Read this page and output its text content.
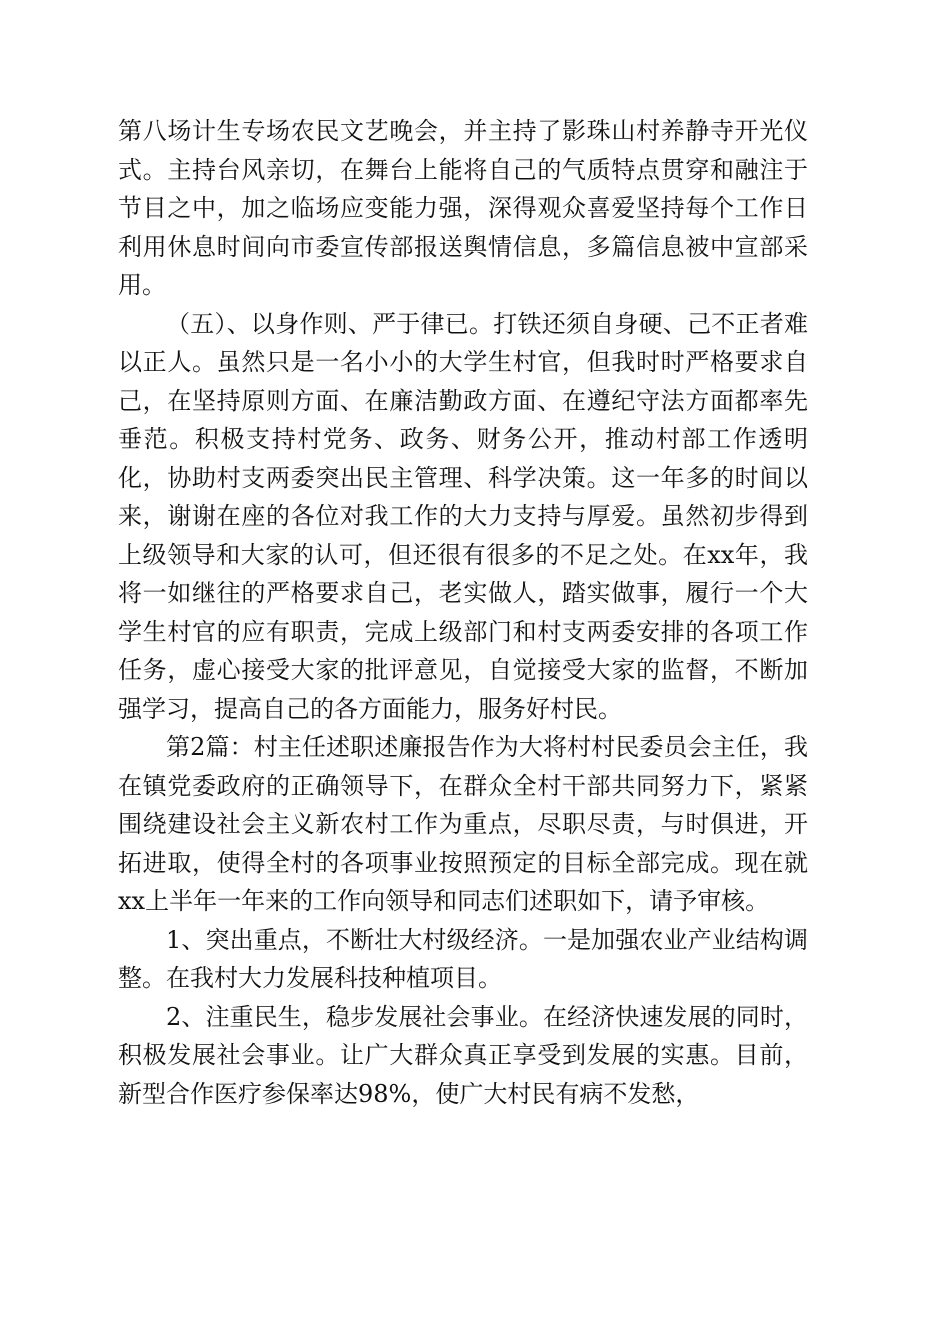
第八场计生专场农民文艺晚会，并主持了影珠山村养静寺开光仪式。主持台风亲切，在舞台上能将自己的气质特点贯穿和融注于节目之中，加之临场应变能力强，深得观众喜爱坚持每个工作日利用休息时间向市委宣传部报送舆情信息，多篇信息被中宣部采用。

（五）、以身作则、严于律已。打铁还须自身硬、己不正者难以正人。虽然只是一名小小的大学生村官，但我时时严格要求自己，在坚持原则方面、在廉洁勤政方面、在遵纪守法方面都率先垂范。积极支持村党务、政务、财务公开，推动村部工作透明化，协助村支两委突出民主管理、科学决策。这一年多的时间以来，谢谢在座的各位对我工作的大力支持与厚爱。虽然初步得到上级领导和大家的认可，但还很有很多的不足之处。在xx年，我将一如继往的严格要求自己，老实做人，踏实做事，履行一个大学生村官的应有职责，完成上级部门和村支两委安排的各项工作任务，虚心接受大家的批评意见，自觉接受大家的监督，不断加强学习，提高自己的各方面能力，服务好村民。

第2篇：村主任述职述廉报告作为大将村村民委员会主任，我在镇党委政府的正确领导下，在群众全村干部共同努力下，紧紧围绕建设社会主义新农村工作为重点，尽职尽责，与时俱进，开拓进取，使得全村的各项事业按照预定的目标全部完成。现在就xx上半年一年来的工作向领导和同志们述职如下，请予审核。

1、突出重点，不断壮大村级经济。一是加强农业产业结构调整。在我村大力发展科技种植项目。

2、注重民生，稳步发展社会事业。在经济快速发展的同时，积极发展社会事业。让广大群众真正享受到发展的实惠。目前，新型合作医疗参保率达98%，使广大村民有病不发愁，
